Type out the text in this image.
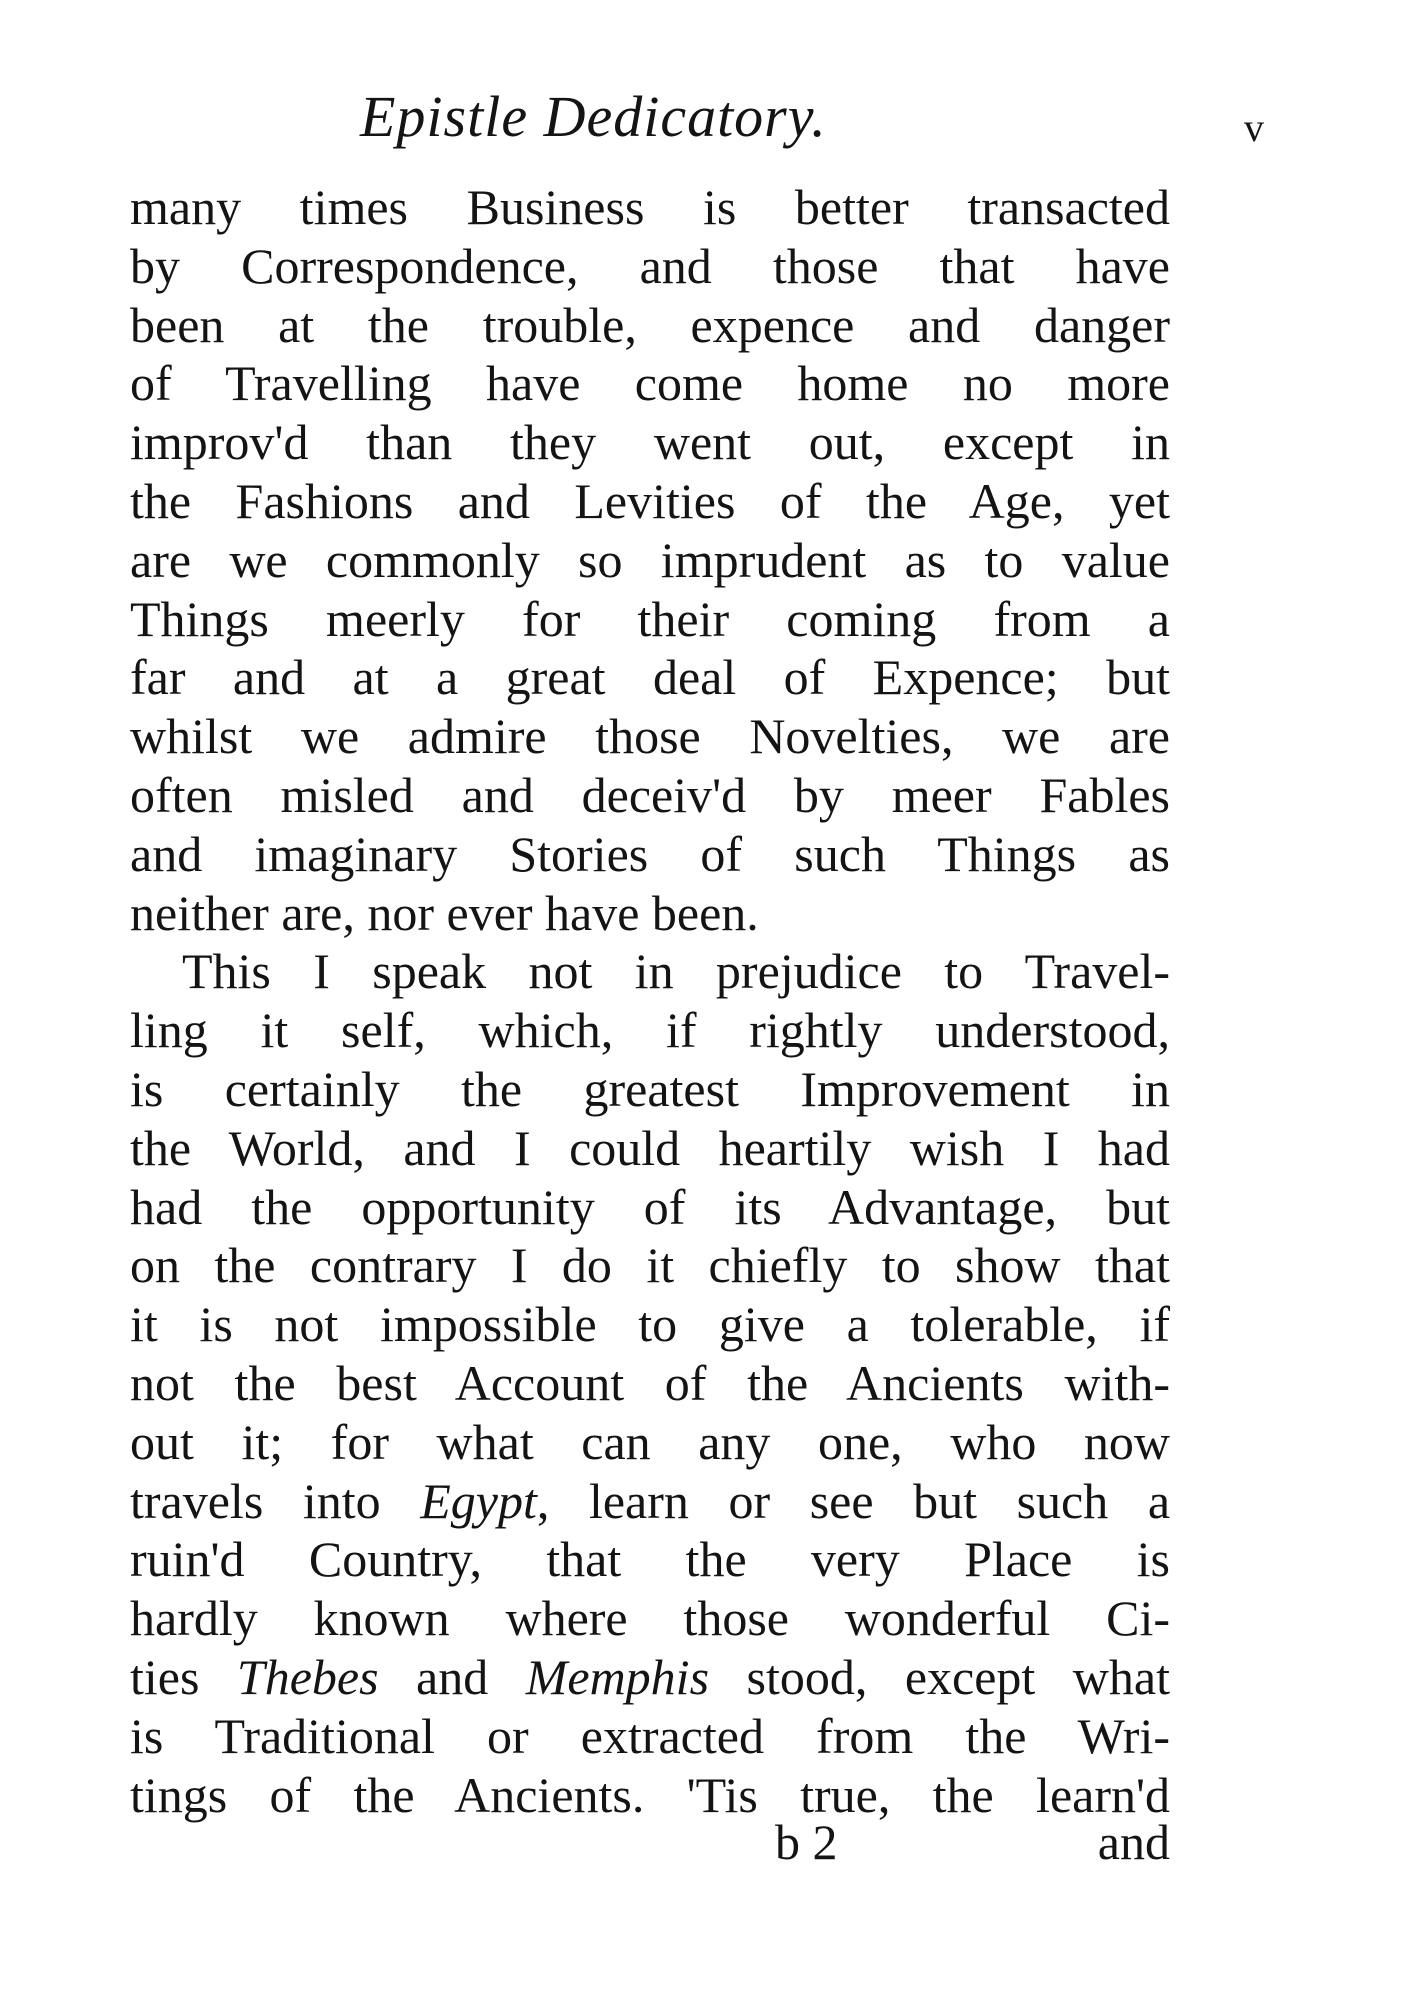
Epistle Dedicatory.	v
many times Business is better transacted
by Correspondence, and those that have
been at the trouble, expence and danger
of Travelling have come home no more
improv'd than they went out, except in
the Fashions and Levities of the Age, yet
are we commonly so imprudent as to value
Things meerly for their coming from a
far and at a great deal of Expence; but
whilst we admire those Novelties, we are
often misled and deceiv'd by meer Fables
and imaginary Stories of such Things as
neither are, nor ever have been.
This I speak not in prejudice to Travel-
ling it self, which, if rightly understood,
is certainly the greatest Improvement in
the World, and I could heartily wish I had
had the opportunity of its Advantage, but
on the contrary I do it chiefly to show that
it is not impossible to give a tolerable, if
not the best Account of the Ancients with-
out it; for what can any one, who now
travels into Egypt, learn or see but such a
ruin'd Country, that the very Place is
hardly known where those wonderful Ci-
ties Thebes and Memphis stood, except what
is Traditional or extracted from the Wri-
tings of the Ancients. 'Tis true, the learn'd
b 2	and
